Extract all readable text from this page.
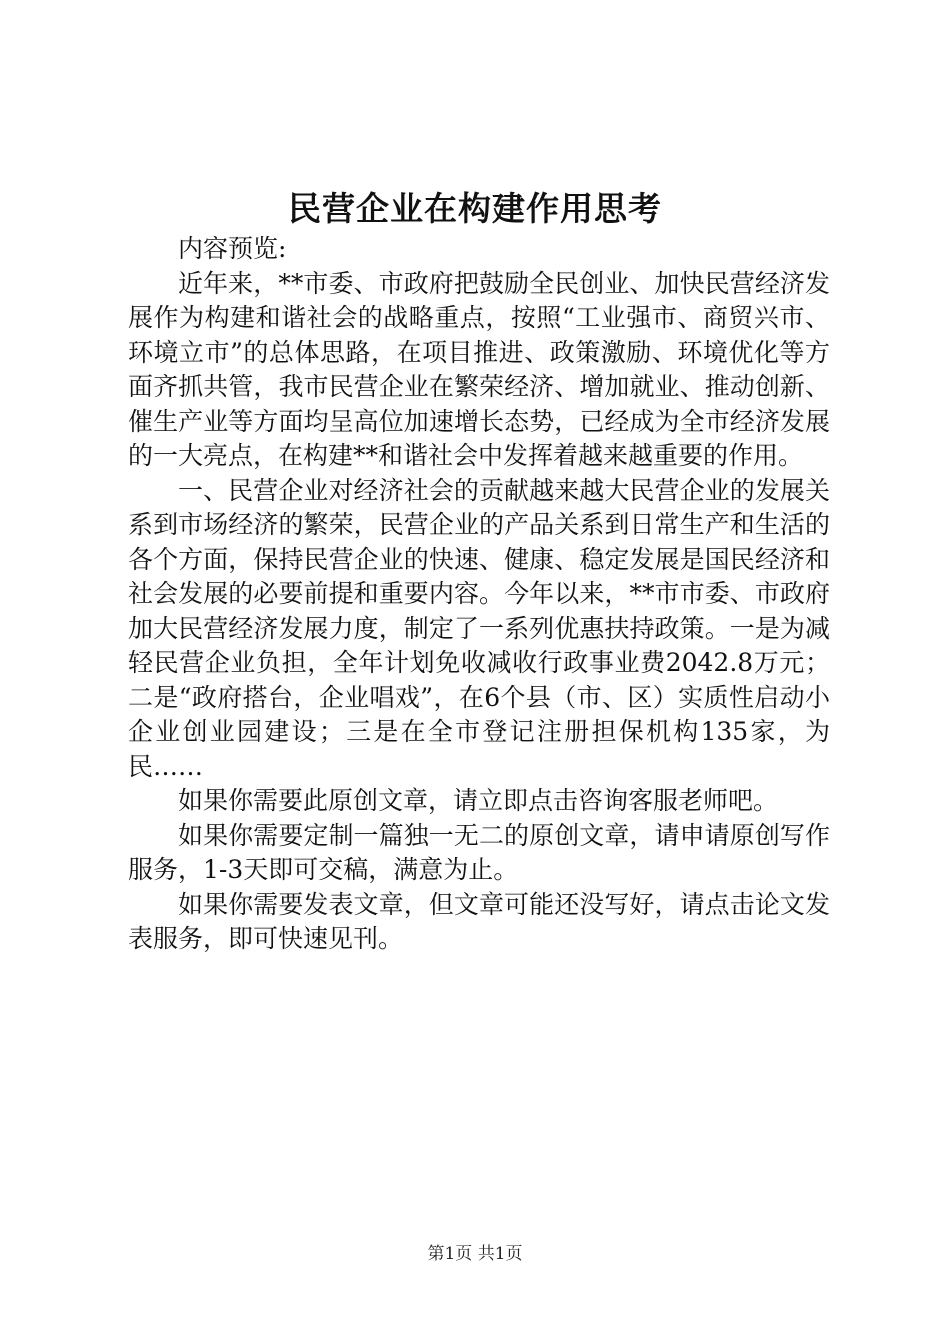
民营企业在构建作用思考

内容预览:

近年来，**市委、市政府把鼓励全民创业、加快民营经济发展作为构建和谐社会的战略重点，按照“工业强市、商贸兴市、环境立市”的总体思路，在项目推进、政策激励、环境优化等方面齐抓共管，我市民营企业在繁荣经济、增加就业、推动创新、催生产业等方面均呈高位加速增长态势，已经成为全市经济发展的一大亮点，在构建**和谐社会中发挥着越来越重要的作用。

一、民营企业对经济社会的贡献越来越大民营企业的发展关系到市场经济的繁荣，民营企业的产品关系到日常生产和生活的各个方面，保持民营企业的快速、健康、稳定发展是国民经济和社会发展的必要前提和重要内容。今年以来，**市市委、市政府加大民营经济发展力度，制定了一系列优惠扶持政策。一是为减轻民营企业负担，全年计划免收减收行政事业费2042.8万元；二是“政府搭台，企业唱戏”，在6个县（市、区）实质性启动小企业创业园建设；三是在全市登记注册担保机构135家，为民……

如果你需要此原创文章，请立即点击咨询客服老师吧。

如果你需要定制一篇独一无二的原创文章，请申请原创写作服务，1-3天即可交稿，满意为止。

如果你需要发表文章，但文章可能还没写好，请点击论文发表服务，即可快速见刊。

第1页 共1页
